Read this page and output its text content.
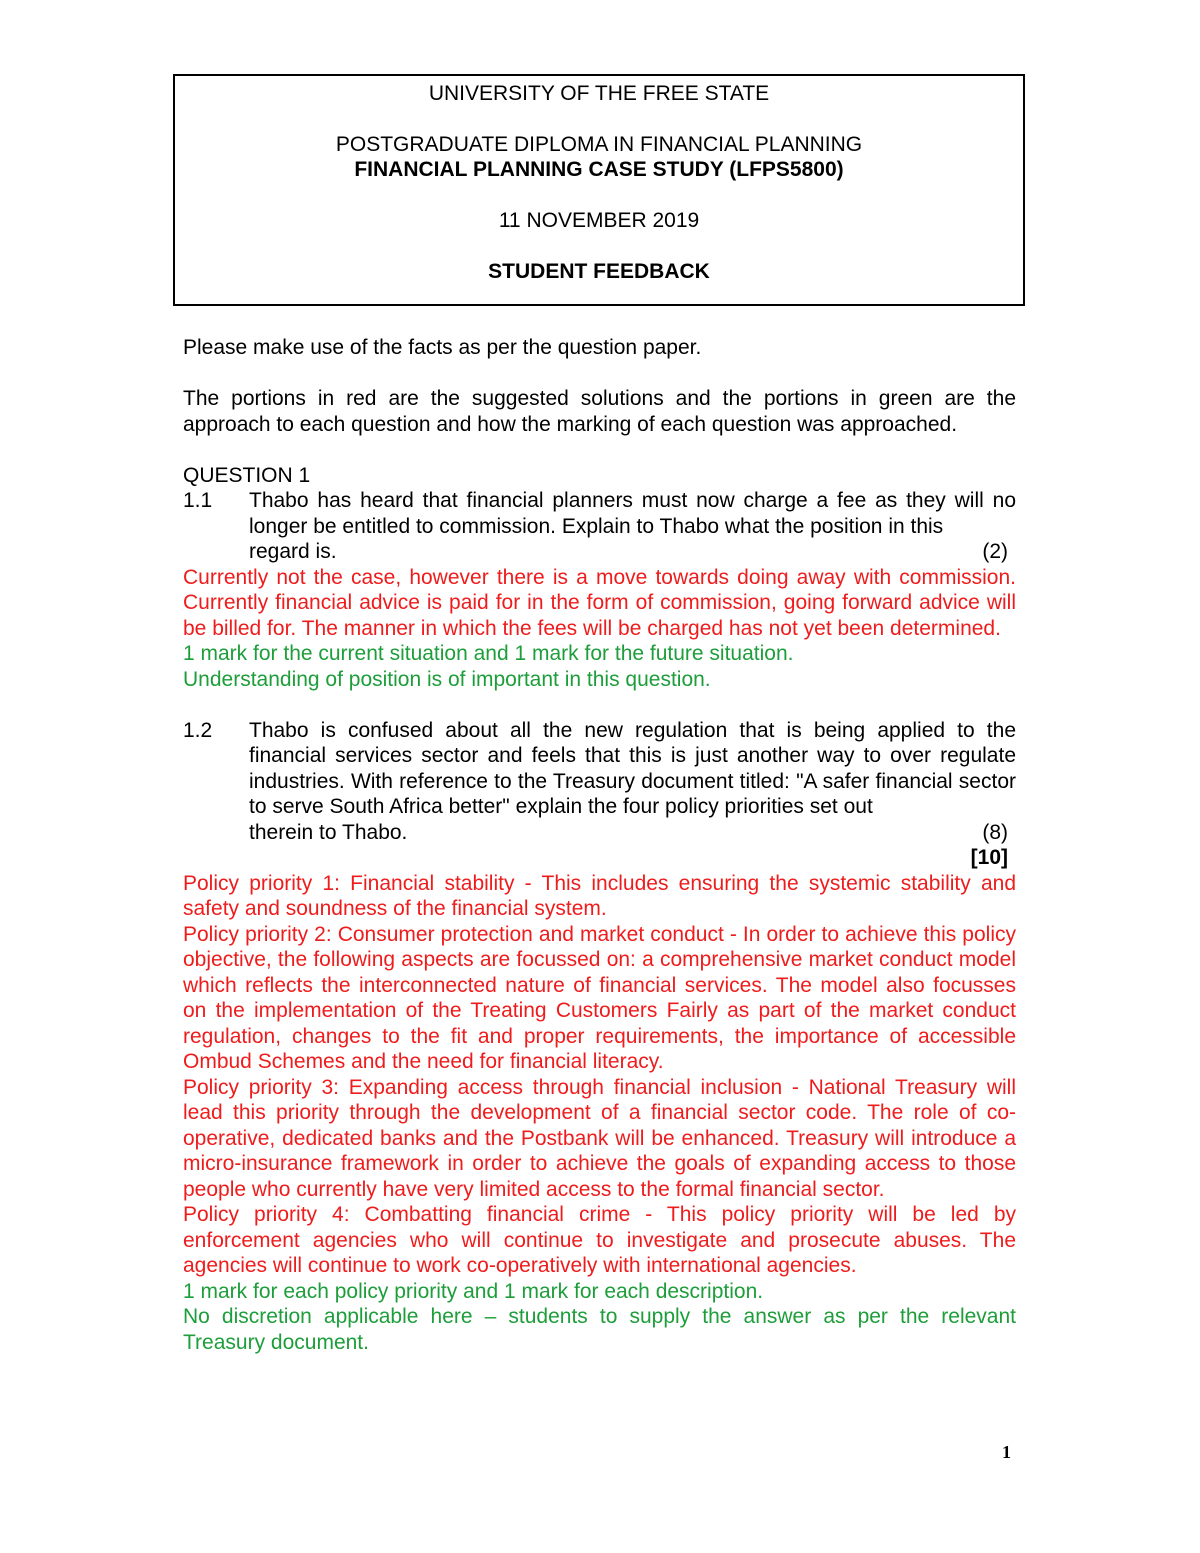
UNIVERSITY OF THE FREE STATE
POSTGRADUATE DIPLOMA IN FINANCIAL PLANNING
FINANCIAL PLANNING CASE STUDY (LFPS5800)
11 NOVEMBER 2019
STUDENT FEEDBACK

Please make use of the facts as per the question paper.

The portions in red are the suggested solutions and the portions in green are the approach to each question and how the marking of each question was approached.

QUESTION 1

1.1	Thabo has heard that financial planners must now charge a fee as they will no longer be entitled to commission. Explain to Thabo what the position in this

regard is.	(2)

Currently not the case, however there is a move towards doing away with commission. Currently financial advice is paid for in the form of commission, going forward advice will be billed for. The manner in which the fees will be charged has not yet been determined.

1 mark for the current situation and 1 mark for the future situation.

Understanding of position is of important in this question.

1.2	Thabo is confused about all the new regulation that is being applied to the financial services sector and feels that this is just another way to over regulate industries. With reference to the Treasury document titled: "A safer financial sector to serve South Africa better" explain the four policy priorities set out

therein to Thabo.	(8)

[10]

Policy priority 1: Financial stability - This includes ensuring the systemic stability and safety and soundness of the financial system.

Policy priority 2: Consumer protection and market conduct - In order to achieve this policy objective, the following aspects are focussed on: a comprehensive market conduct model which reflects the interconnected nature of financial services. The model also focusses on the implementation of the Treating Customers Fairly as part of the market conduct regulation, changes to the fit and proper requirements, the importance of accessible Ombud Schemes and the need for financial literacy.

Policy priority 3: Expanding access through financial inclusion - National Treasury will lead this priority through the development of a financial sector code. The role of co-operative, dedicated banks and the Postbank will be enhanced. Treasury will introduce a micro-insurance framework in order to achieve the goals of expanding access to those people who currently have very limited access to the formal financial sector.

Policy priority 4: Combatting financial crime - This policy priority will be led by enforcement agencies who will continue to investigate and prosecute abuses. The agencies will continue to work co-operatively with international agencies.

1 mark for each policy priority and 1 mark for each description.

No discretion applicable here – students to supply the answer as per the relevant Treasury document.

1
